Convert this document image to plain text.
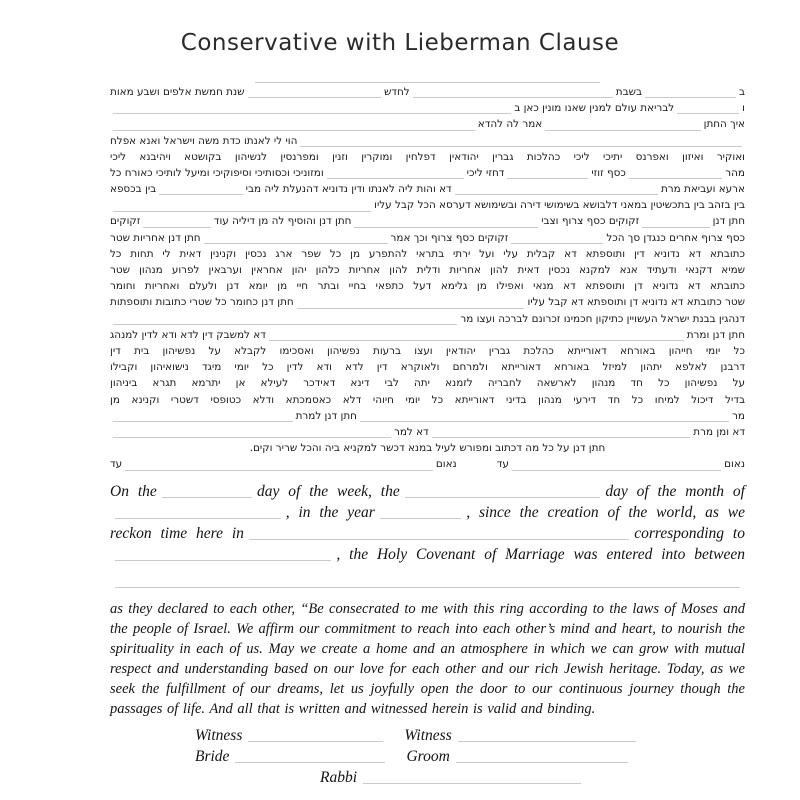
Conservative with Lieberman Clause
ב
בשבת
לחדש
שנת חמשת אלפים ושבע מאות
ו
לבריאת עולם למנין שאנו מונין כאן ב
איך החתן
אמר לה להדא
הוי לי לאנתו כדת משה וישראל ואנא אפלח
ואוקיר ואיזון ואפרנס יתיכי ליכי כהלכות גברין יהודאין דפלחין ומוקרין וזנין ומפרנסין לנשיהון בקושטא ויהיבנא ליכי
מהר
כסף זוזי
דחזי ליכי
ומזוניכי וכסותיכי וסיפוקיכי ומיעל לותיכי כאורח כל
ארעא ועביאת מרת
דא והות ליה לאנתו ודין נדוניא דהנעלת ליה מבי
בין בכספא
בין בזהב בין בתכשיטין במאני דלבושא בשימושי דירה ובשימושא דערסא הכל קבל עליו
חתן דנן
זקוקים כסף צרוף וצבי
חתן דנן והוסיף לה מן דיליה עוד
זקוקים
כסף צרוף אחרים כנגדן סך הכל
זקוקים כסף צרוף וכך אמר
חתן דנן אחריות שטר
כתובתא דא נדוניא דין ותוספתא דא קבלית עלי ועל ירתי בתראי להתפרע מן כל שפר ארג נכסין וקנינין דאית לי תחות כל
שמיא דקנאי ודעתיד אנא למקנא נכסין דאית להון אחריות ודלית להון אחריות כלהון יהון אחראין וערבאין לפרוע מנהון שטר
כתובתא דא נדוניא דן ותוספתא דא מנאי ואפילו מן גלימא דעל כתפאי בחיי ובתר חיי מן יומא דנן ולעלם ואחריות וחומר
שטר כתובתא דא נדוניא דן ותוספתא דא קבל עליו
חתן דנן כחומר כל שטרי כתובות ותוספתות
דנהגין בבנת ישראל העשויין כתיקון חכמינו זכרונם לברכה ועצו מר
חתן דנן ומרת
דא למשבק דין לדא ודא לדין למנהג
כל יומי חייהון באורחא דאורייתא כהלכת גברין יהודאין ועצו ברעות נפשיהון ואסכימו לקבלא על נפשיהון בית דין
דרבנן לאלפא יתהון למיזל באורחא דאורייתא ולמרחם ולאוקרא דין לדא ודא לדין כל יומי מיגד נישואיהון וקבילו
על נפשיהון כל חד מנהון לארשאה לחבריה לזמנא יתה לבי דינא דאידכר לעילא אן יתרמא תגרא ביניהון
בדיל דיכול למיחו כל חד דירעי מנהון בדיני דאורייתא כל יומי חיוהי דלא כאסמכתא ודלא כטופסי דשטרי וקנינא מן
מר
חתן דנן למרת
דא ומן מרת
דא למר
חתן דנן על כל מה דכתוב ומפורש לעיל במנא דכשר למקניא ביה והכל שריר וקים.
נאום
עד
נאום
עד
On the	day of the week, the	day of the month of
, in the year	, since the creation of the world, as we
reckon time here in	corresponding to
, the Holy Covenant of Marriage was entered into between
as they declared to each other, “Be consecrated to me with this ring according to the laws of Moses and the people of Israel. We affirm our commitment to reach into each other’s mind and heart, to nourish the spirituality in each of us. May we create a home and an atmosphere in which we can grow with mutual respect and understanding based on our love for each other and our rich Jewish heritage. Today, as we seek the fulfillment of our dreams, let us joyfully open the door to our continuous journey though the passages of life. And all that is written and witnessed herein is valid and binding.
Witness	Witness
Bride	Groom
Rabbi
